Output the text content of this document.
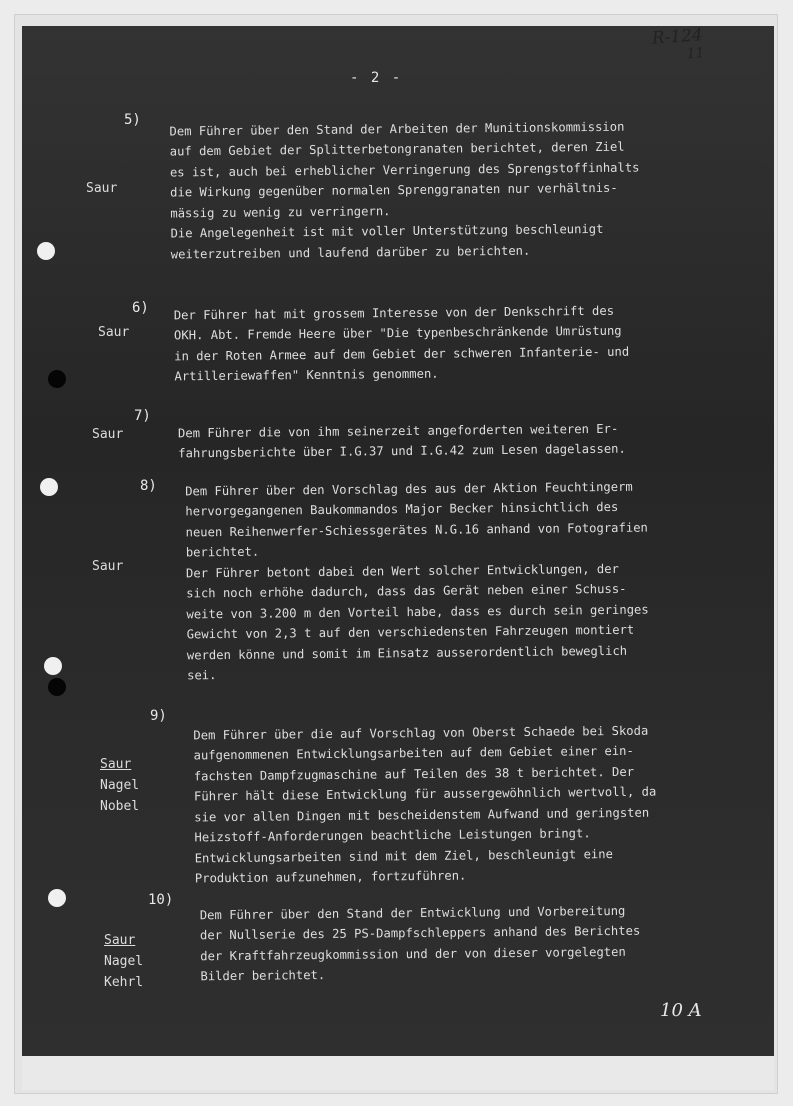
R-124
11
- 2 -
5)
Saur

Dem Führer über den Stand der Arbeiten der Munitionskommission
auf dem Gebiet der Splitterbetongranaten berichtet, deren Ziel
es ist, auch bei erheblicher Verringerung des Sprengstoffinhalts
die Wirkung gegenüber normalen Sprenggranaten nur verhältnis-
mässig zu wenig zu verringern.
Die Angelegenheit ist mit voller Unterstützung beschleunigt
weiterzutreiben und laufend darüber zu berichten.
6)
Saur

Der Führer hat mit grossem Interesse von der Denkschrift des
OKH. Abt. Fremde Heere über "Die typenbeschränkende Umrüstung
in der Roten Armee auf dem Gebiet der schweren Infanterie- und
Artilleriewaffen" Kenntnis genommen.
7)
Saur	Dem Führer die von ihm seinerzeit angeforderten weiteren Er-
fahrungsberichte über I.G.37 und I.G.42 zum Lesen dagelassen.
8)
Saur

Dem Führer über den Vorschlag des aus der Aktion Feuchtingerm
hervorgegangenen Baukommandos Major Becker hinsichtlich des
neuen Reihenwerfer-Schiessgerätes N.G.16 anhand von Fotografien
berichtet.
Der Führer betont dabei den Wert solcher Entwicklungen, der
sich noch erhöhe dadurch, dass das Gerät neben einer Schuss-
weite von 3.200 m den Vorteil habe, dass es durch sein geringes
Gewicht von 2,3 t auf den verschiedensten Fahrzeugen montiert
werden könne und somit im Einsatz ausserordentlich beweglich
sei.
9)
Saur
Nagel
Nobel

Dem Führer über die auf Vorschlag von Oberst Schaede bei Skoda
aufgenommenen Entwicklungsarbeiten auf dem Gebiet einer ein-
fachsten Dampfzugmaschine auf Teilen des 38 t berichtet. Der
Führer hält diese Entwicklung für aussergewöhnlich wertvoll, da
sie vor allen Dingen mit bescheidenstem Aufwand und geringsten
Heizstoff-Anforderungen beachtliche Leistungen bringt.
Entwicklungsarbeiten sind mit dem Ziel, beschleunigt eine
Produktion aufzunehmen, fortzuführen.
10)
Saur
Nagel
Kehrl

Dem Führer über den Stand der Entwicklung und Vorbereitung
der Nullserie des 25 PS-Dampfschleppers anhand des Berichtes
der Kraftfahrzeugkommission und der von dieser vorgelegten
Bilder berichtet.
10 A
